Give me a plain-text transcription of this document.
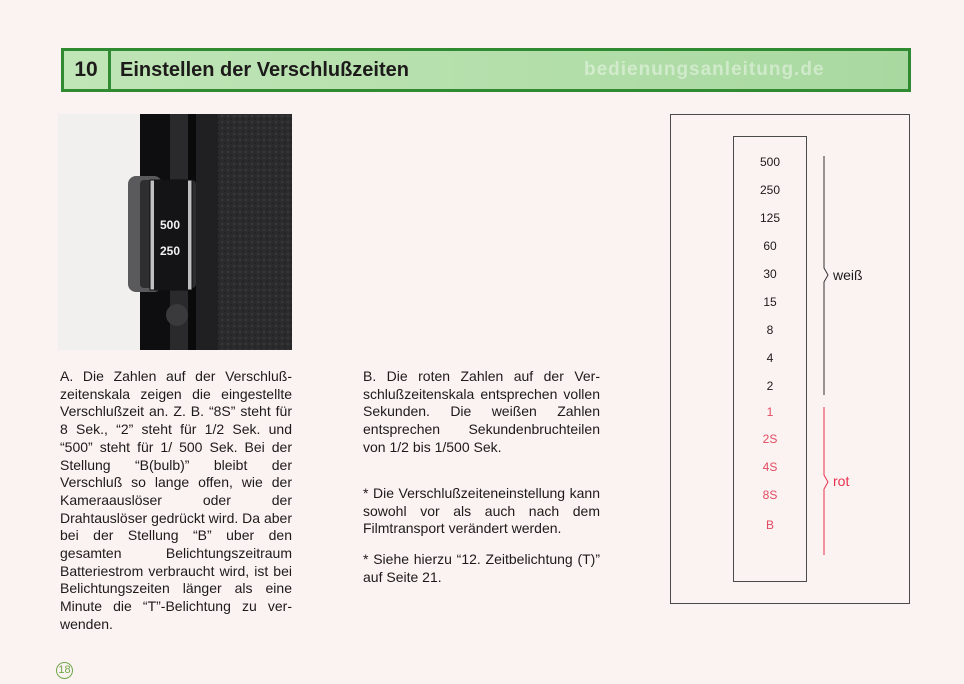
10	Einstellen der Verschlußzeiten	bedienungsanleitung.de
500
250

A. Die Zahlen auf der Verschlußzeitenskala zeigen die eingestellte Verschlußzeit an. Z. B. “8S” steht für 8 Sek., “2” steht für 1/2 Sek. und “500” steht für 1/ 500 Sek. Bei der Stellung “B(bulb)” bleibt der Verschluß so lange offen, wie der Kameraauslöser oder der Drahtauslöser gedrückt wird. Da aber bei der Stellung “B” uber den gesamten Belichtungszeitraum Batteriestrom verbraucht wird, ist bei Belichtungszeiten länger als eine Minute die “T”-Belichtung zu verwenden.

B. Die roten Zahlen auf der Verschlußzeitenskala entsprechen vollen Sekunden. Die weißen Zahlen entsprechen Sekundenbruchteilen von 1/2 bis 1/500 Sek.

* Die Verschlußzeiteneinstellung kann sowohl vor als auch nach dem Filmtransport verändert werden.

* Siehe hierzu “12. Zeitbelichtung (T)” auf Seite 21.

18
500
250
125
60
30
15
8
4
2
1
2S
4S
8S
B
weiß
rot
